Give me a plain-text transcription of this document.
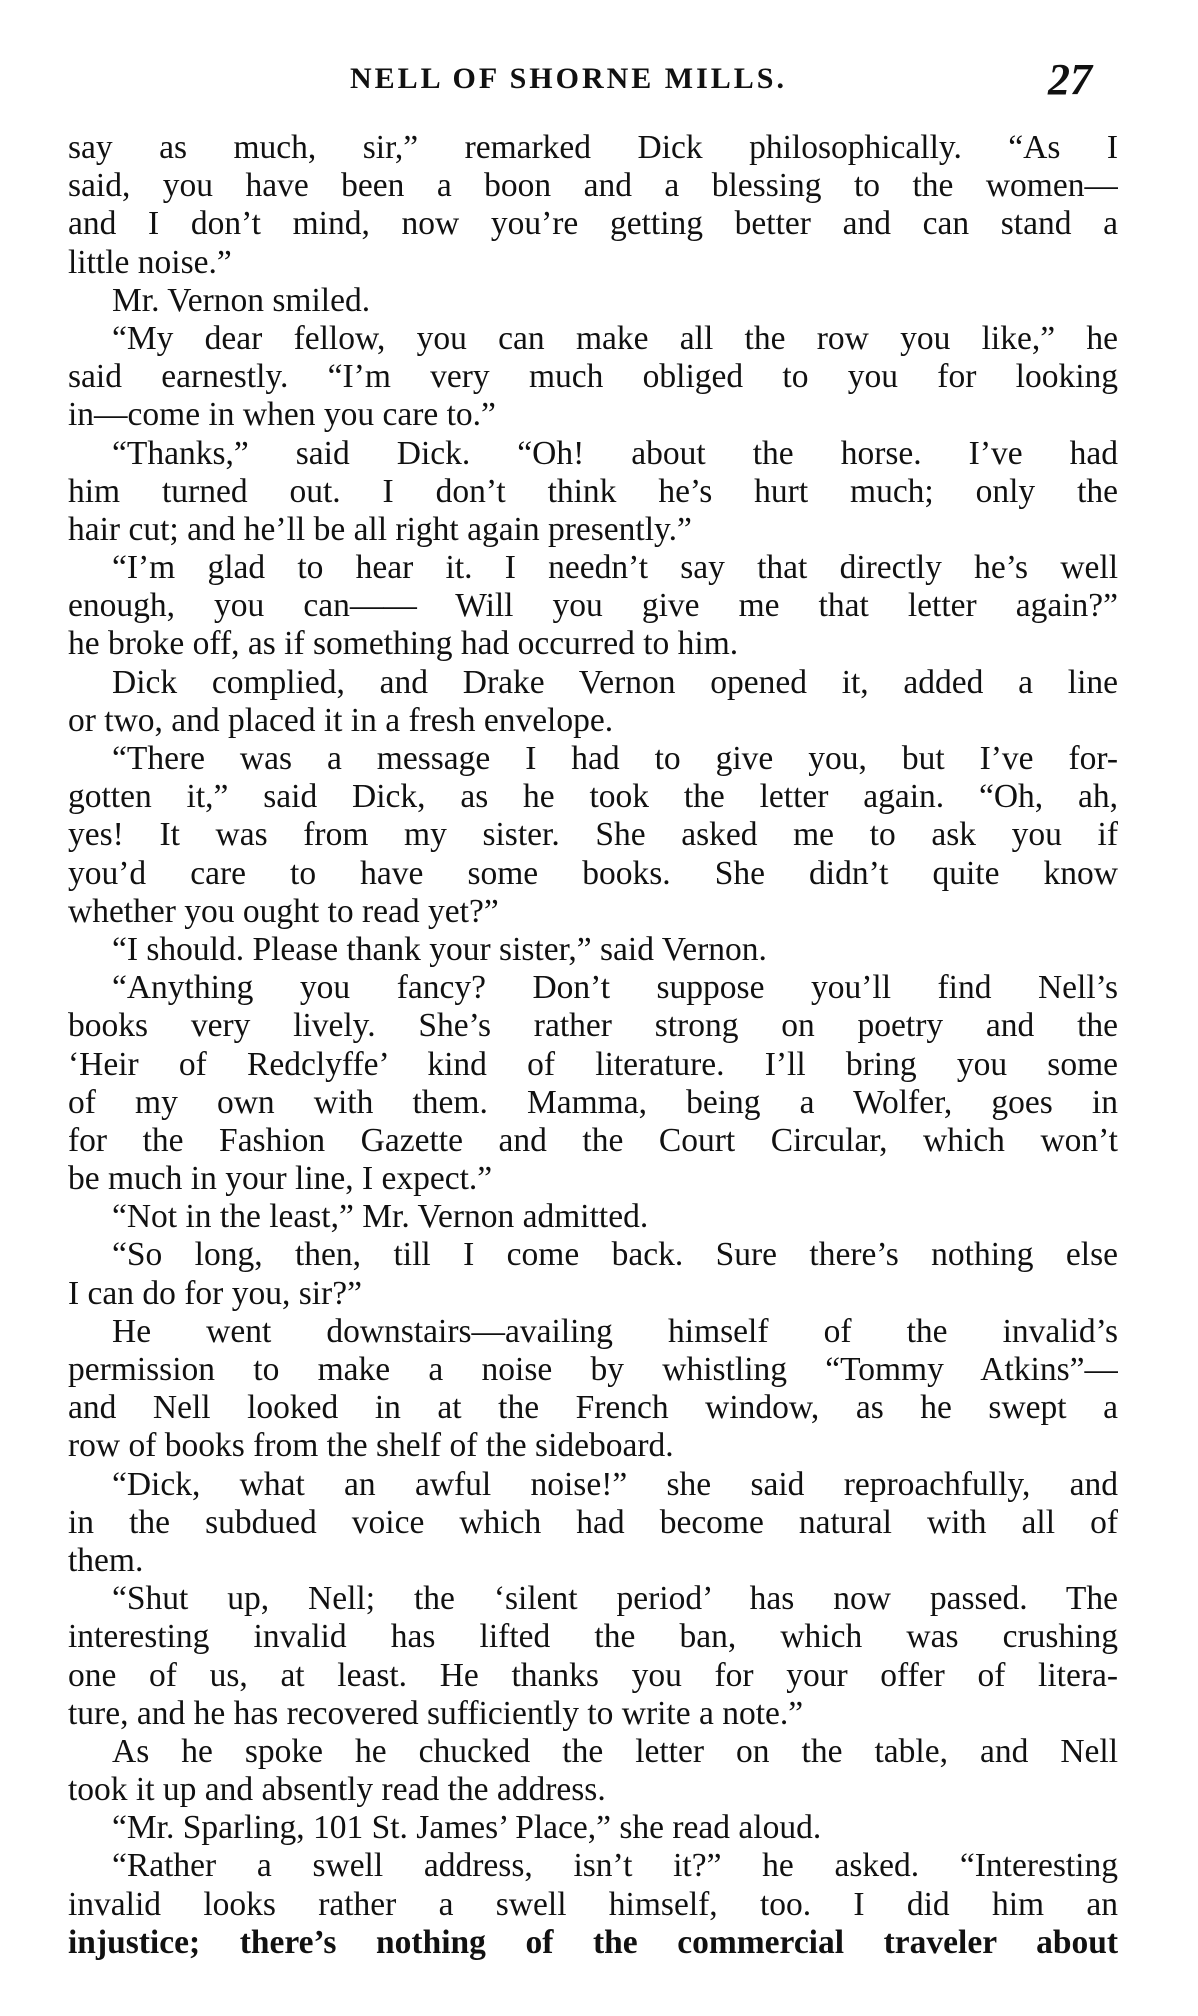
NELL OF SHORNE MILLS.	27
say as much, sir,” remarked Dick philosophically. “As I
said, you have been a boon and a blessing to the women—
and I don’t mind, now you’re getting better and can stand a
little noise.”
Mr. Vernon smiled.
“My dear fellow, you can make all the row you like,” he
said earnestly. “I’m very much obliged to you for looking
in—come in when you care to.”
“Thanks,” said Dick. “Oh! about the horse. I’ve had
him turned out. I don’t think he’s hurt much; only the
hair cut; and he’ll be all right again presently.”
“I’m glad to hear it. I needn’t say that directly he’s well
enough, you can—— Will you give me that letter again?”
he broke off, as if something had occurred to him.
Dick complied, and Drake Vernon opened it, added a line
or two, and placed it in a fresh envelope.
“There was a message I had to give you, but I’ve for-
gotten it,” said Dick, as he took the letter again. “Oh, ah,
yes! It was from my sister. She asked me to ask you if
you’d care to have some books. She didn’t quite know
whether you ought to read yet?”
“I should. Please thank your sister,” said Vernon.
“Anything you fancy? Don’t suppose you’ll find Nell’s
books very lively. She’s rather strong on poetry and the
‘Heir of Redclyffe’ kind of literature. I’ll bring you some
of my own with them. Mamma, being a Wolfer, goes in
for the Fashion Gazette and the Court Circular, which won’t
be much in your line, I expect.”
“Not in the least,” Mr. Vernon admitted.
“So long, then, till I come back. Sure there’s nothing else
I can do for you, sir?”
He went downstairs—availing himself of the invalid’s
permission to make a noise by whistling “Tommy Atkins”—
and Nell looked in at the French window, as he swept a
row of books from the shelf of the sideboard.
“Dick, what an awful noise!” she said reproachfully, and
in the subdued voice which had become natural with all of
them.
“Shut up, Nell; the ‘silent period’ has now passed. The
interesting invalid has lifted the ban, which was crushing
one of us, at least. He thanks you for your offer of litera-
ture, and he has recovered sufficiently to write a note.”
As he spoke he chucked the letter on the table, and Nell
took it up and absently read the address.
“Mr. Sparling, 101 St. James’ Place,” she read aloud.
“Rather a swell address, isn’t it?” he asked. “Interesting
invalid looks rather a swell himself, too. I did him an
injustice; there’s nothing of the commercial traveler about
